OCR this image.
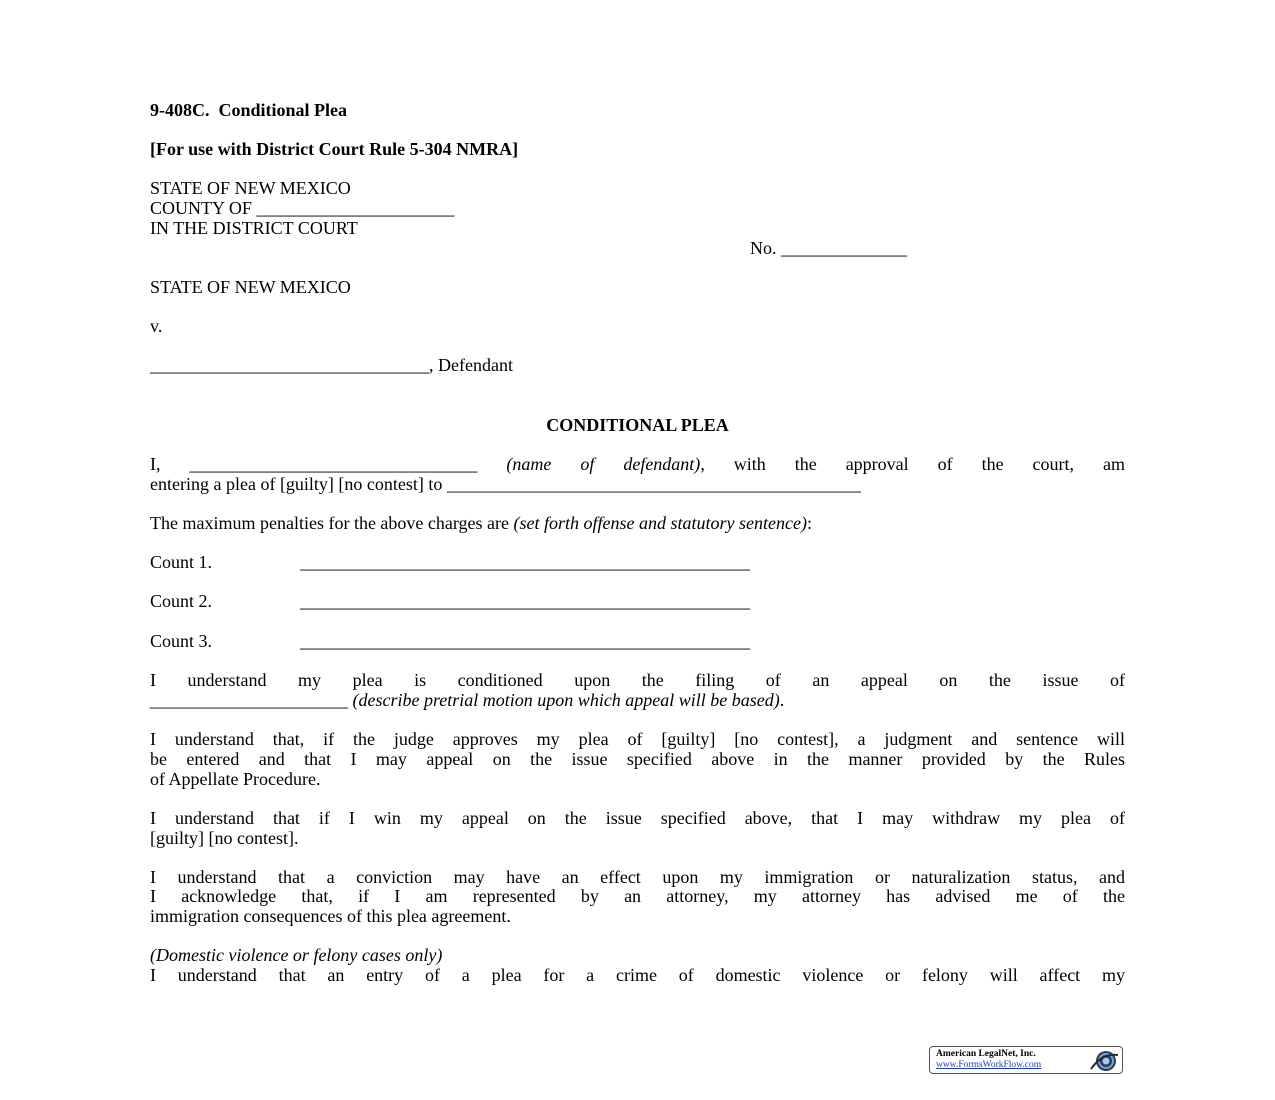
9-408C.  Conditional Plea
[For use with District Court Rule 5-304 NMRA]
STATE OF NEW MEXICO
COUNTY OF ______________________
IN THE DISTRICT COURT
No. ______________
STATE OF NEW MEXICO
v.
_______________________________, Defendant
CONDITIONAL PLEA
I, ________________________________ (name of defendant), with the approval of the court, am
entering a plea of [guilty] [no contest] to ______________________________________________
The maximum penalties for the above charges are (set forth offense and statutory sentence):
Count 1.	__________________________________________________
Count 2.	__________________________________________________
Count 3.	__________________________________________________
I understand my plea is conditioned upon the filing of an appeal on the issue of
______________________ (describe pretrial motion upon which appeal will be based).
I understand that, if the judge approves my plea of [guilty] [no contest], a judgment and sentence will
be entered and that I may appeal on the issue specified above in the manner provided by the Rules
of Appellate Procedure.
I understand that if I win my appeal on the issue specified above, that I may withdraw my plea of
[guilty] [no contest].
I understand that a conviction may have an effect upon my immigration or naturalization status, and
I acknowledge that, if I am represented by an attorney, my attorney has advised me of the
immigration consequences of this plea agreement.
(Domestic violence or felony cases only)
I understand that an entry of a plea for a crime of domestic violence or felony will affect my
American LegalNet, Inc.
www.FormsWorkFlow.com
